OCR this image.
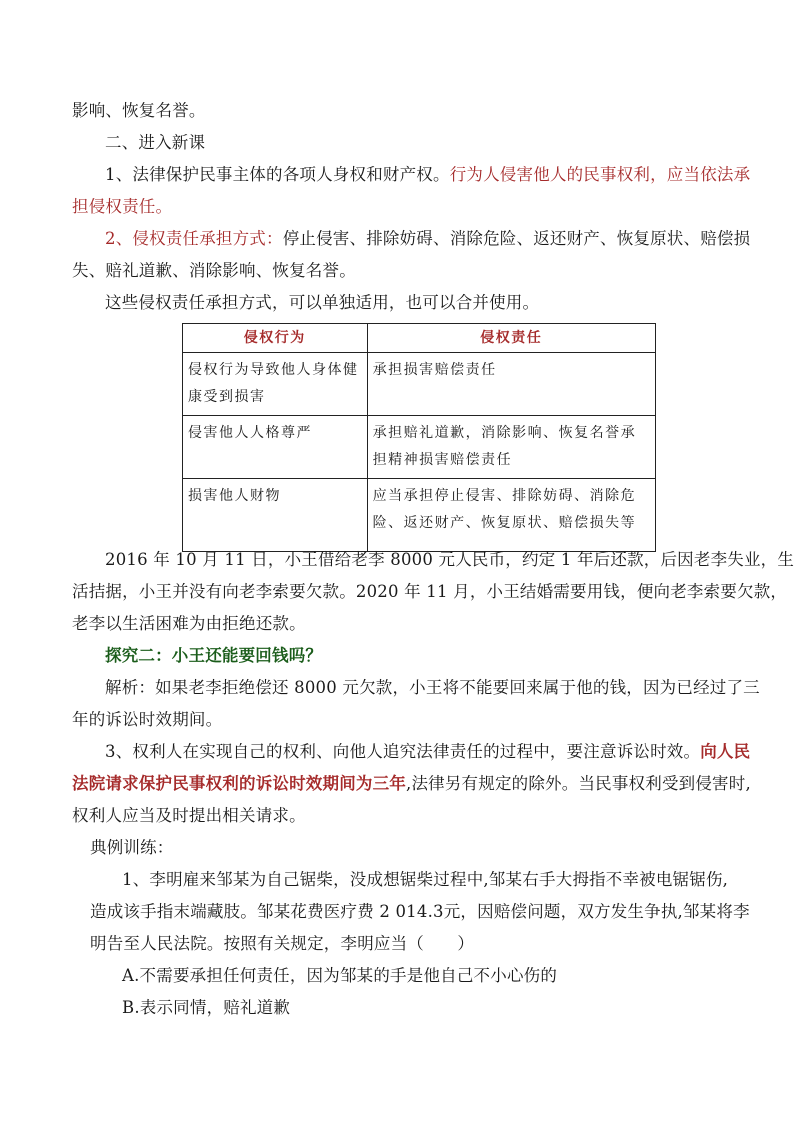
影响、恢复名誉。
二、进入新课
1、法律保护民事主体的各项人身权和财产权。行为人侵害他人的民事权利，应当依法承
担侵权责任。
2、侵权责任承担方式：停止侵害、排除妨碍、消除危险、返还财产、恢复原状、赔偿损
失、赔礼道歉、消除影响、恢复名誉。
这些侵权责任承担方式，可以单独适用，也可以合并使用。
侵权行为	侵权责任
侵权行为导致他人身体健康受到损害	承担损害赔偿责任
侵害他人人格尊严	承担赔礼道歉，消除影响、恢复名誉承担精神损害赔偿责任
损害他人财物	应当承担停止侵害、排除妨碍、消除危险、返还财产、恢复原状、赔偿损失等
2016 年 10 月 11 日，小王借给老李 8000 元人民币，约定 1 年后还款，后因老李失业，生
活拮据，小王并没有向老李索要欠款。2020 年 11 月，小王结婚需要用钱，便向老李索要欠款，
老李以生活困难为由拒绝还款。
探究二：小王还能要回钱吗？
解析：如果老李拒绝偿还 8000 元欠款，小王将不能要回来属于他的钱，因为已经过了三
年的诉讼时效期间。
3、权利人在实现自己的权利、向他人追究法律责任的过程中，要注意诉讼时效。向人民
法院请求保护民事权利的诉讼时效期间为三年,法律另有规定的除外。当民事权利受到侵害时,
权利人应当及时提出相关请求。
典例训练：
1、李明雇来邹某为自己锯柴，没成想锯柴过程中,邹某右手大拇指不幸被电锯锯伤,
造成该手指末端藏肢。邹某花费医疗费 2 014.3元，因赔偿问题，双方发生争执,邹某将李
明告至人民法院。按照有关规定，李明应当（　　）
A.不需要承担任何责任，因为邹某的手是他自己不小心伤的
B.表示同情，赔礼道歉
